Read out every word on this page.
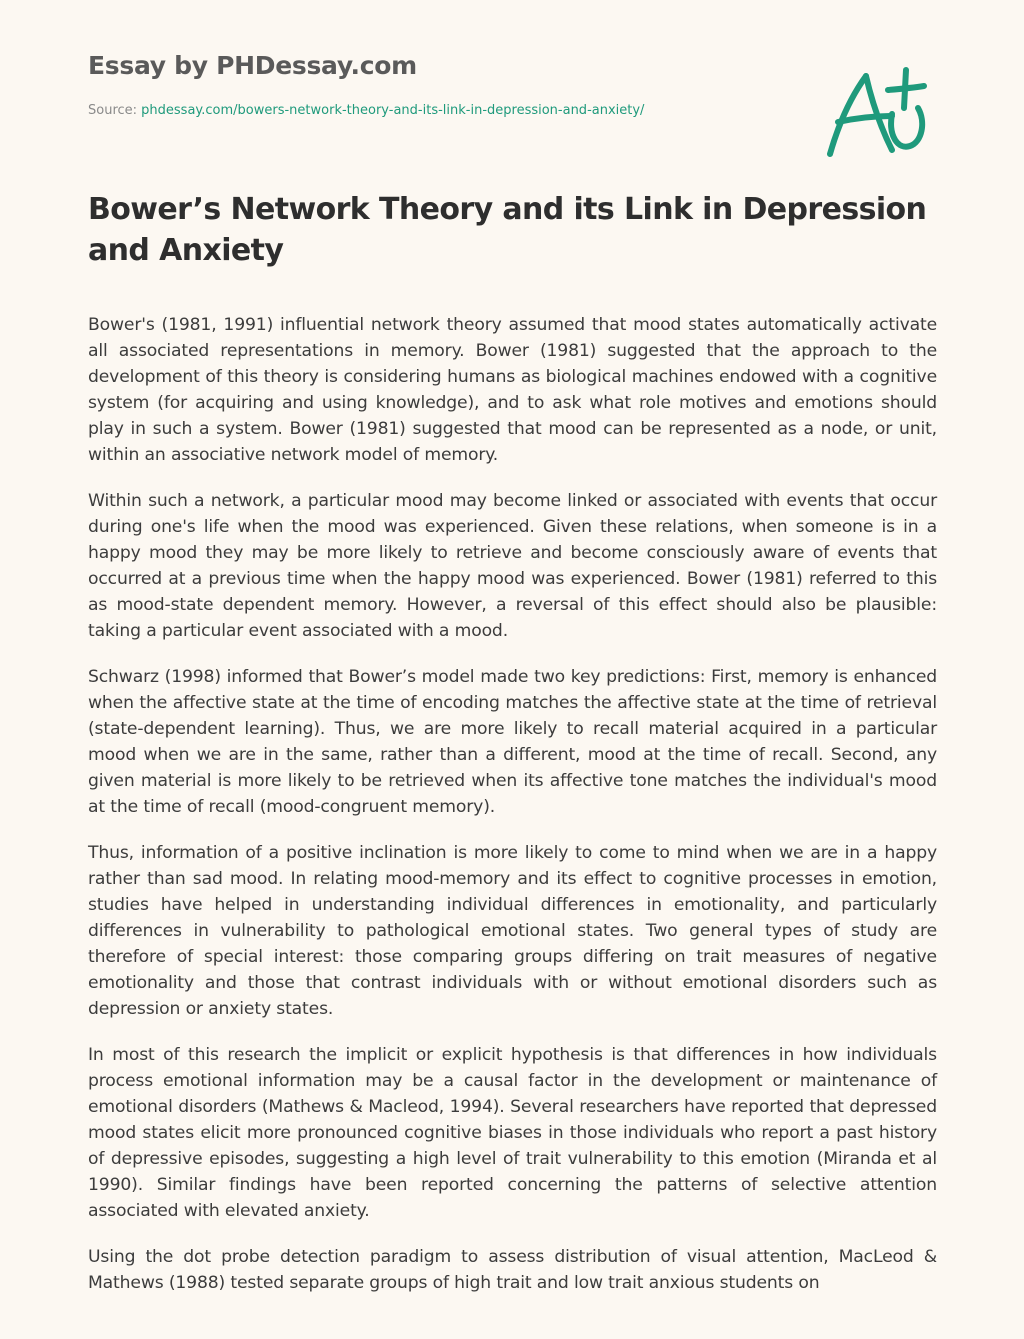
Essay by PHDessay.com
Source: phdessay.com/bowers-network-theory-and-its-link-in-depression-and-anxiety/
Bower’s Network Theory and its Link in Depression and Anxiety

Bower's (1981, 1991) influential network theory assumed that mood states automatically activate all associated representations in memory. Bower (1981) suggested that the approach to the development of this theory is considering humans as biological machines endowed with a cognitive system (for acquiring and using knowledge), and to ask what role motives and emotions should play in such a system. Bower (1981) suggested that mood can be represented as a node, or unit, within an associative network model of memory.

Within such a network, a particular mood may become linked or associated with events that occur during one's life when the mood was experienced. Given these relations, when someone is in a happy mood they may be more likely to retrieve and become consciously aware of events that occurred at a previous time when the happy mood was experienced. Bower (1981) referred to this as mood-state dependent memory. However, a reversal of this effect should also be plausible: taking a particular event associated with a mood.

Schwarz (1998) informed that Bower’s model made two key predictions: First, memory is enhanced when the affective state at the time of encoding matches the affective state at the time of retrieval (state-dependent learning). Thus, we are more likely to recall material acquired in a particular mood when we are in the same, rather than a different, mood at the time of recall. Second, any given material is more likely to be retrieved when its affective tone matches the individual's mood at the time of recall (mood-congruent memory).

Thus, information of a positive inclination is more likely to come to mind when we are in a happy rather than sad mood. In relating mood-memory and its effect to cognitive processes in emotion, studies have helped in understanding individual differences in emotionality, and particularly differences in vulnerability to pathological emotional states. Two general types of study are therefore of special interest: those comparing groups differing on trait measures of negative emotionality and those that contrast individuals with or without emotional disorders such as depression or anxiety states.

In most of this research the implicit or explicit hypothesis is that differences in how individuals process emotional information may be a causal factor in the development or maintenance of emotional disorders (Mathews & Macleod, 1994). Several researchers have reported that depressed mood states elicit more pronounced cognitive biases in those individuals who report a past history of depressive episodes, suggesting a high level of trait vulnerability to this emotion (Miranda et al 1990). Similar findings have been reported concerning the patterns of selective attention associated with elevated anxiety.

Using the dot probe detection paradigm to assess distribution of visual attention, MacLeod & Mathews (1988) tested separate groups of high trait and low trait anxious students on
